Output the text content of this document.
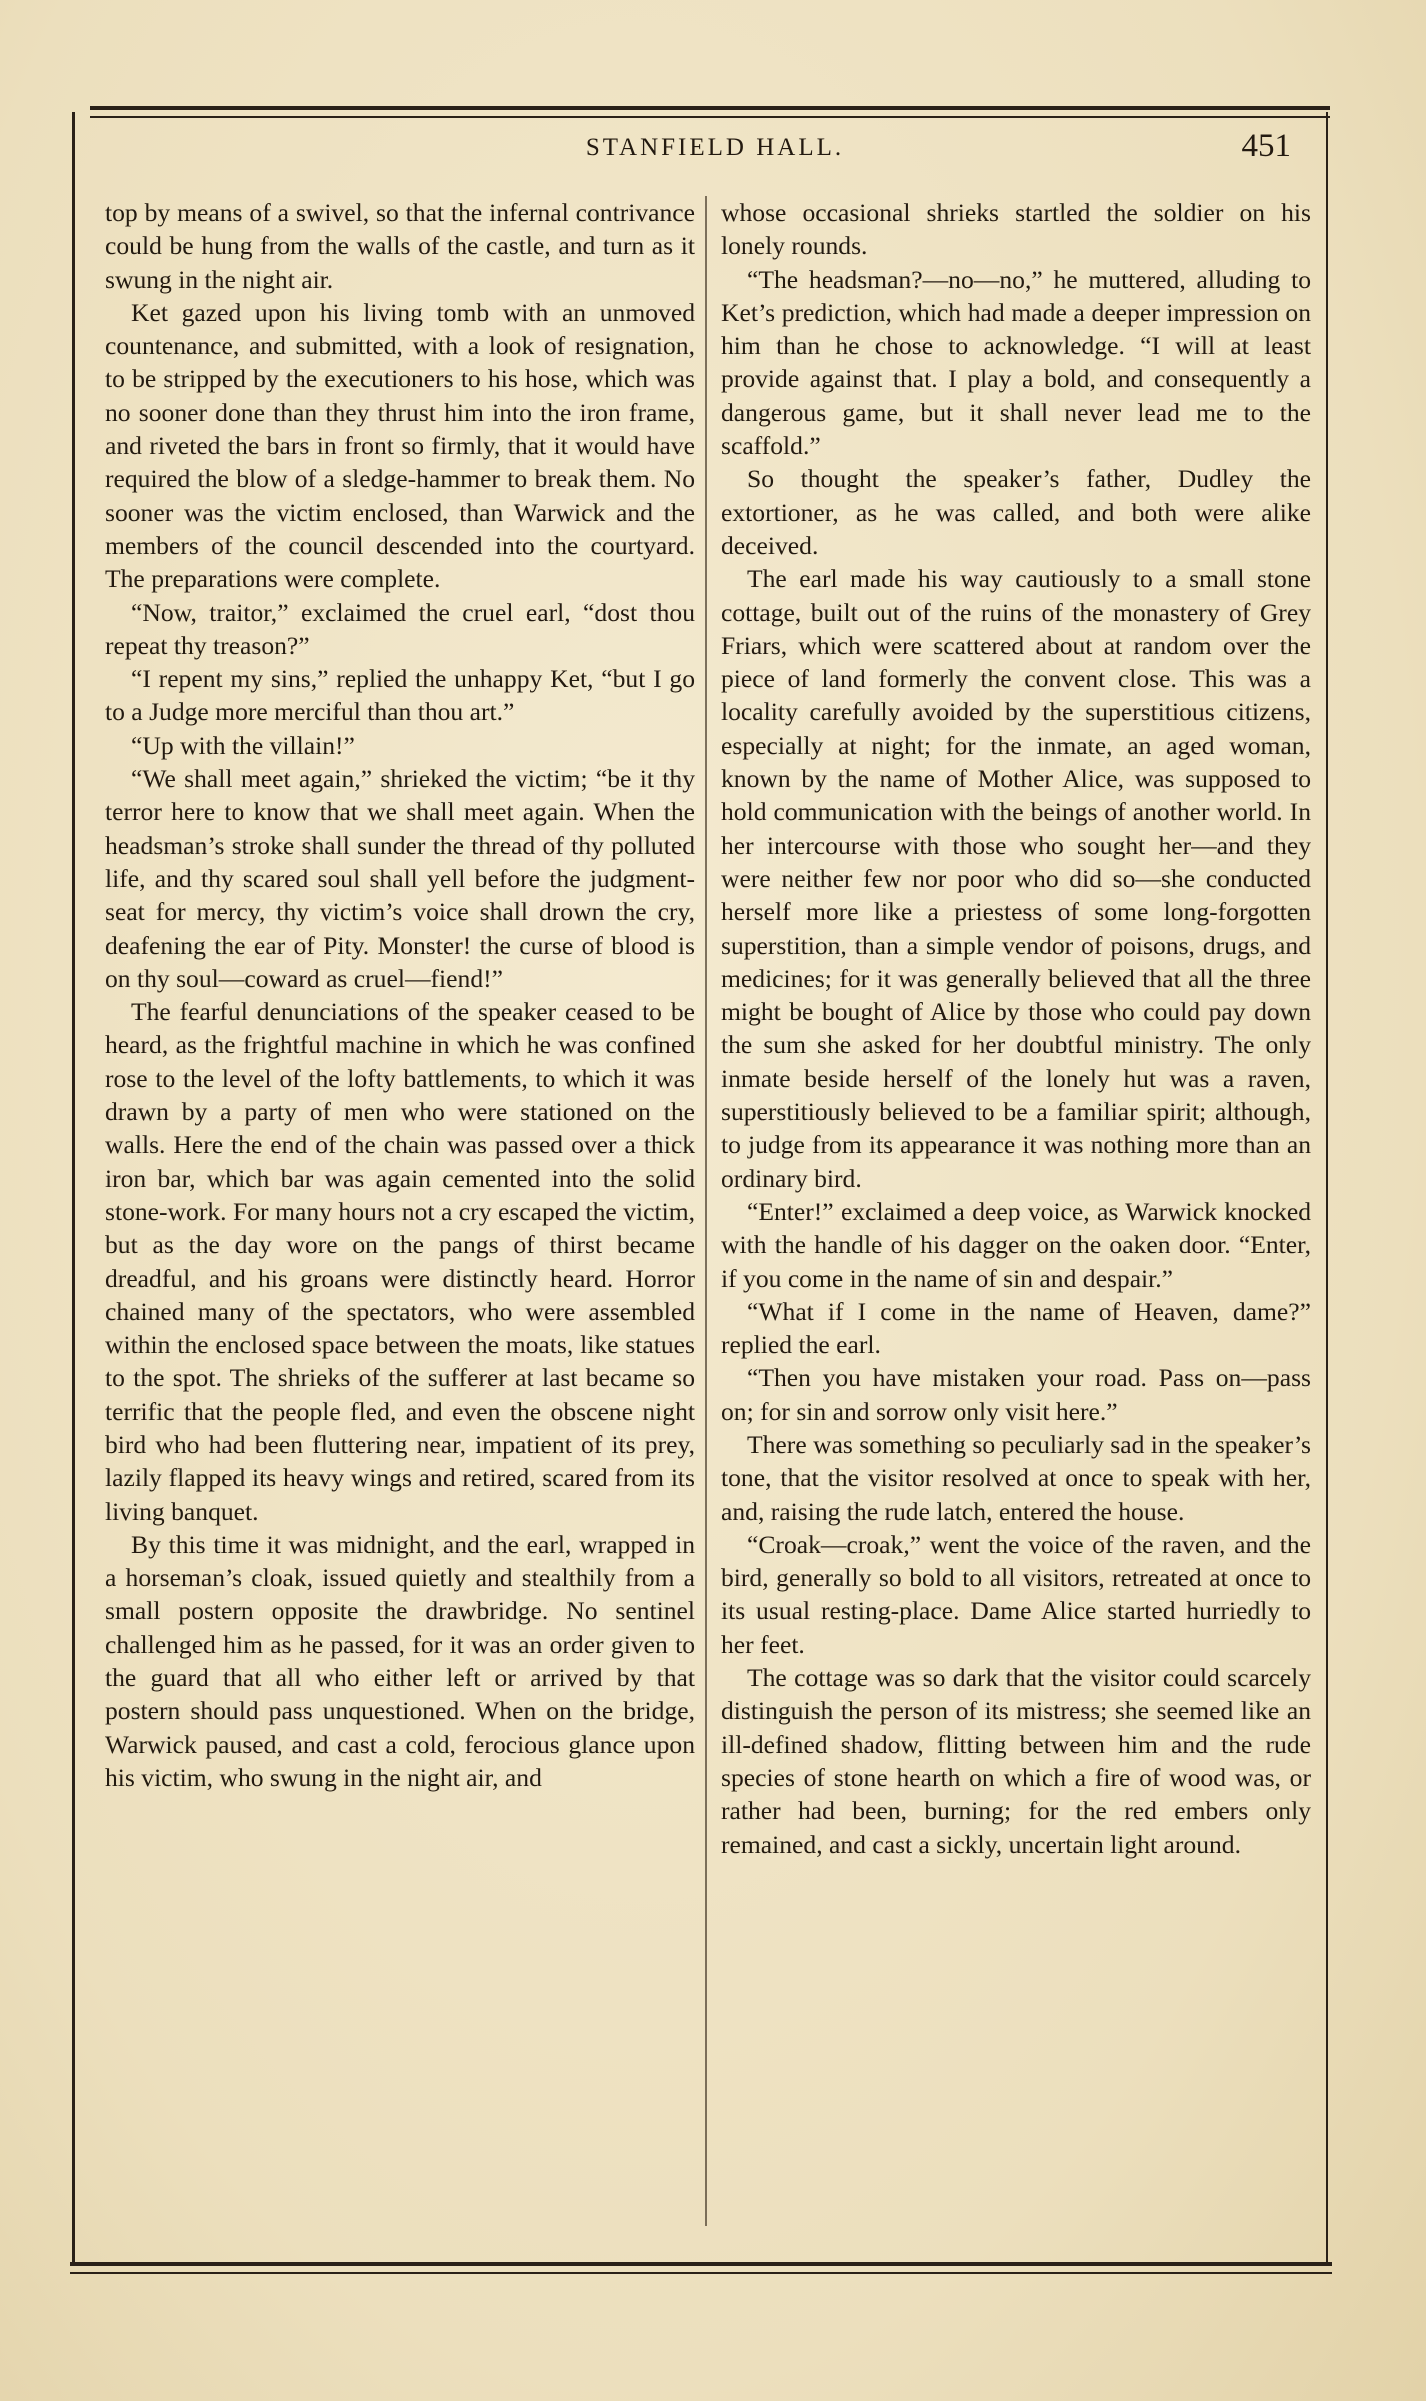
STANFIELD HALL.	451

top by means of a swivel, so that the infernal contrivance could be hung from the walls of the castle, and turn as it swung in the night air.

Ket gazed upon his living tomb with an unmoved countenance, and submitted, with a look of resignation, to be stripped by the executioners to his hose, which was no sooner done than they thrust him into the iron frame, and riveted the bars in front so firmly, that it would have required the blow of a sledge-hammer to break them. No sooner was the victim enclosed, than Warwick and the members of the council descended into the courtyard. The preparations were complete.

“Now, traitor,” exclaimed the cruel earl, “dost thou repeat thy treason?”

“I repent my sins,” replied the unhappy Ket, “but I go to a Judge more merciful than thou art.”

“Up with the villain!”

“We shall meet again,” shrieked the victim; “be it thy terror here to know that we shall meet again. When the headsman’s stroke shall sunder the thread of thy polluted life, and thy scared soul shall yell before the judgment-seat for mercy, thy victim’s voice shall drown the cry, deafening the ear of Pity. Monster! the curse of blood is on thy soul—coward as cruel—fiend!”

The fearful denunciations of the speaker ceased to be heard, as the frightful machine in which he was confined rose to the level of the lofty battlements, to which it was drawn by a party of men who were stationed on the walls. Here the end of the chain was passed over a thick iron bar, which bar was again cemented into the solid stone-work. For many hours not a cry escaped the victim, but as the day wore on the pangs of thirst became dreadful, and his groans were distinctly heard. Horror chained many of the spectators, who were assembled within the enclosed space between the moats, like statues to the spot. The shrieks of the sufferer at last became so terrific that the people fled, and even the obscene night bird who had been fluttering near, impatient of its prey, lazily flapped its heavy wings and retired, scared from its living banquet.

By this time it was midnight, and the earl, wrapped in a horseman’s cloak, issued quietly and stealthily from a small postern opposite the drawbridge. No sentinel challenged him as he passed, for it was an order given to the guard that all who either left or arrived by that postern should pass unquestioned. When on the bridge, Warwick paused, and cast a cold, ferocious glance upon his victim, who swung in the night air, and

whose occasional shrieks startled the soldier on his lonely rounds.

“The headsman?—no—no,” he muttered, alluding to Ket’s prediction, which had made a deeper impression on him than he chose to acknowledge. “I will at least provide against that. I play a bold, and consequently a dangerous game, but it shall never lead me to the scaffold.”

So thought the speaker’s father, Dudley the extortioner, as he was called, and both were alike deceived.

The earl made his way cautiously to a small stone cottage, built out of the ruins of the monastery of Grey Friars, which were scattered about at random over the piece of land formerly the convent close. This was a locality carefully avoided by the superstitious citizens, especially at night; for the inmate, an aged woman, known by the name of Mother Alice, was supposed to hold communication with the beings of another world. In her intercourse with those who sought her—and they were neither few nor poor who did so—she conducted herself more like a priestess of some long-forgotten superstition, than a simple vendor of poisons, drugs, and medicines; for it was generally believed that all the three might be bought of Alice by those who could pay down the sum she asked for her doubtful ministry. The only inmate beside herself of the lonely hut was a raven, superstitiously believed to be a familiar spirit; although, to judge from its appearance it was nothing more than an ordinary bird.

“Enter!” exclaimed a deep voice, as Warwick knocked with the handle of his dagger on the oaken door. “Enter, if you come in the name of sin and despair.”

“What if I come in the name of Heaven, dame?” replied the earl.

“Then you have mistaken your road. Pass on—pass on; for sin and sorrow only visit here.”

There was something so peculiarly sad in the speaker’s tone, that the visitor resolved at once to speak with her, and, raising the rude latch, entered the house.

“Croak—croak,” went the voice of the raven, and the bird, generally so bold to all visitors, retreated at once to its usual resting-place. Dame Alice started hurriedly to her feet.

The cottage was so dark that the visitor could scarcely distinguish the person of its mistress; she seemed like an ill-defined shadow, flitting between him and the rude species of stone hearth on which a fire of wood was, or rather had been, burning; for the red embers only remained, and cast a sickly, uncertain light around.
